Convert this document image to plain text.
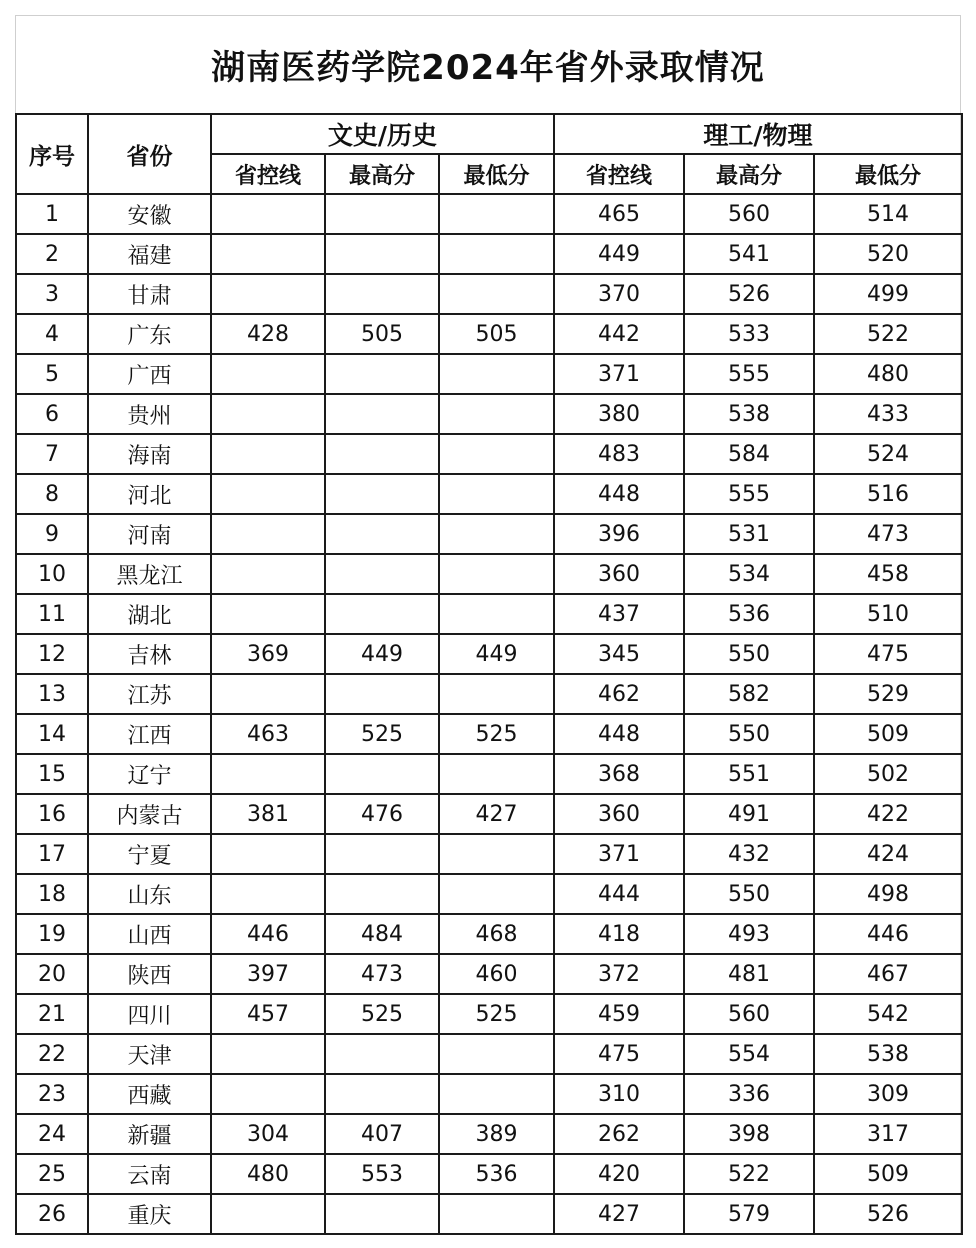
湖南医药学院2024年省外录取情况
序号	省份	文史/历史			理工/物理		
		省控线	最高分	最低分	省控线	最高分	最低分
1	安徽				465	560	514
2	福建				449	541	520
3	甘肃				370	526	499
4	广东	428	505	505	442	533	522
5	广西				371	555	480
6	贵州				380	538	433
7	海南				483	584	524
8	河北				448	555	516
9	河南				396	531	473
10	黑龙江				360	534	458
11	湖北				437	536	510
12	吉林	369	449	449	345	550	475
13	江苏				462	582	529
14	江西	463	525	525	448	550	509
15	辽宁				368	551	502
16	内蒙古	381	476	427	360	491	422
17	宁夏				371	432	424
18	山东				444	550	498
19	山西	446	484	468	418	493	446
20	陕西	397	473	460	372	481	467
21	四川	457	525	525	459	560	542
22	天津				475	554	538
23	西藏				310	336	309
24	新疆	304	407	389	262	398	317
25	云南	480	553	536	420	522	509
26	重庆				427	579	526
